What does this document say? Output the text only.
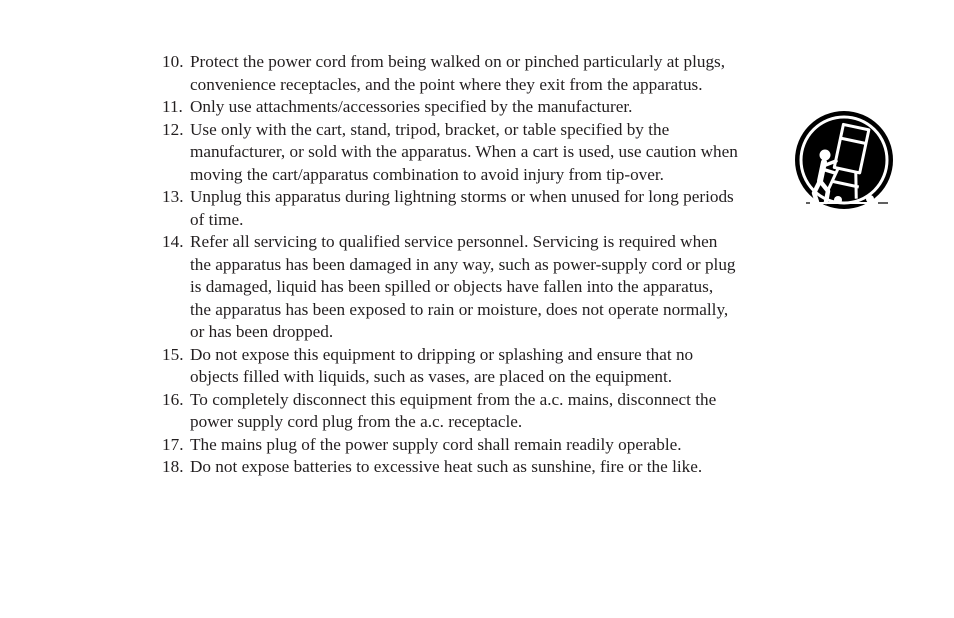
10. Protect the power cord from being walked on or pinched particularly at plugs,
convenience receptacles, and the point where they exit from the apparatus.
11. Only use attachments/accessories specified by the manufacturer.
12. Use only with the cart, stand, tripod, bracket, or table specified by the
manufacturer, or sold with the apparatus. When a cart is used, use caution when
moving the cart/apparatus combination to avoid injury from tip-over.
13. Unplug this apparatus during lightning storms or when unused for long periods
of time.
14. Refer all servicing to qualified service personnel. Servicing is required when
the apparatus has been damaged in any way, such as power-supply cord or plug
is damaged, liquid has been spilled or objects have fallen into the apparatus,
the apparatus has been exposed to rain or moisture, does not operate normally,
or has been dropped.
15. Do not expose this equipment to dripping or splashing and ensure that no
objects filled with liquids, such as vases, are placed on the equipment.
16. To completely disconnect this equipment from the a.c. mains, disconnect the
power supply cord plug from the a.c. receptacle.
17. The mains plug of the power supply cord shall remain readily operable.
18. Do not expose batteries to excessive heat such as sunshine, fire or the like.
